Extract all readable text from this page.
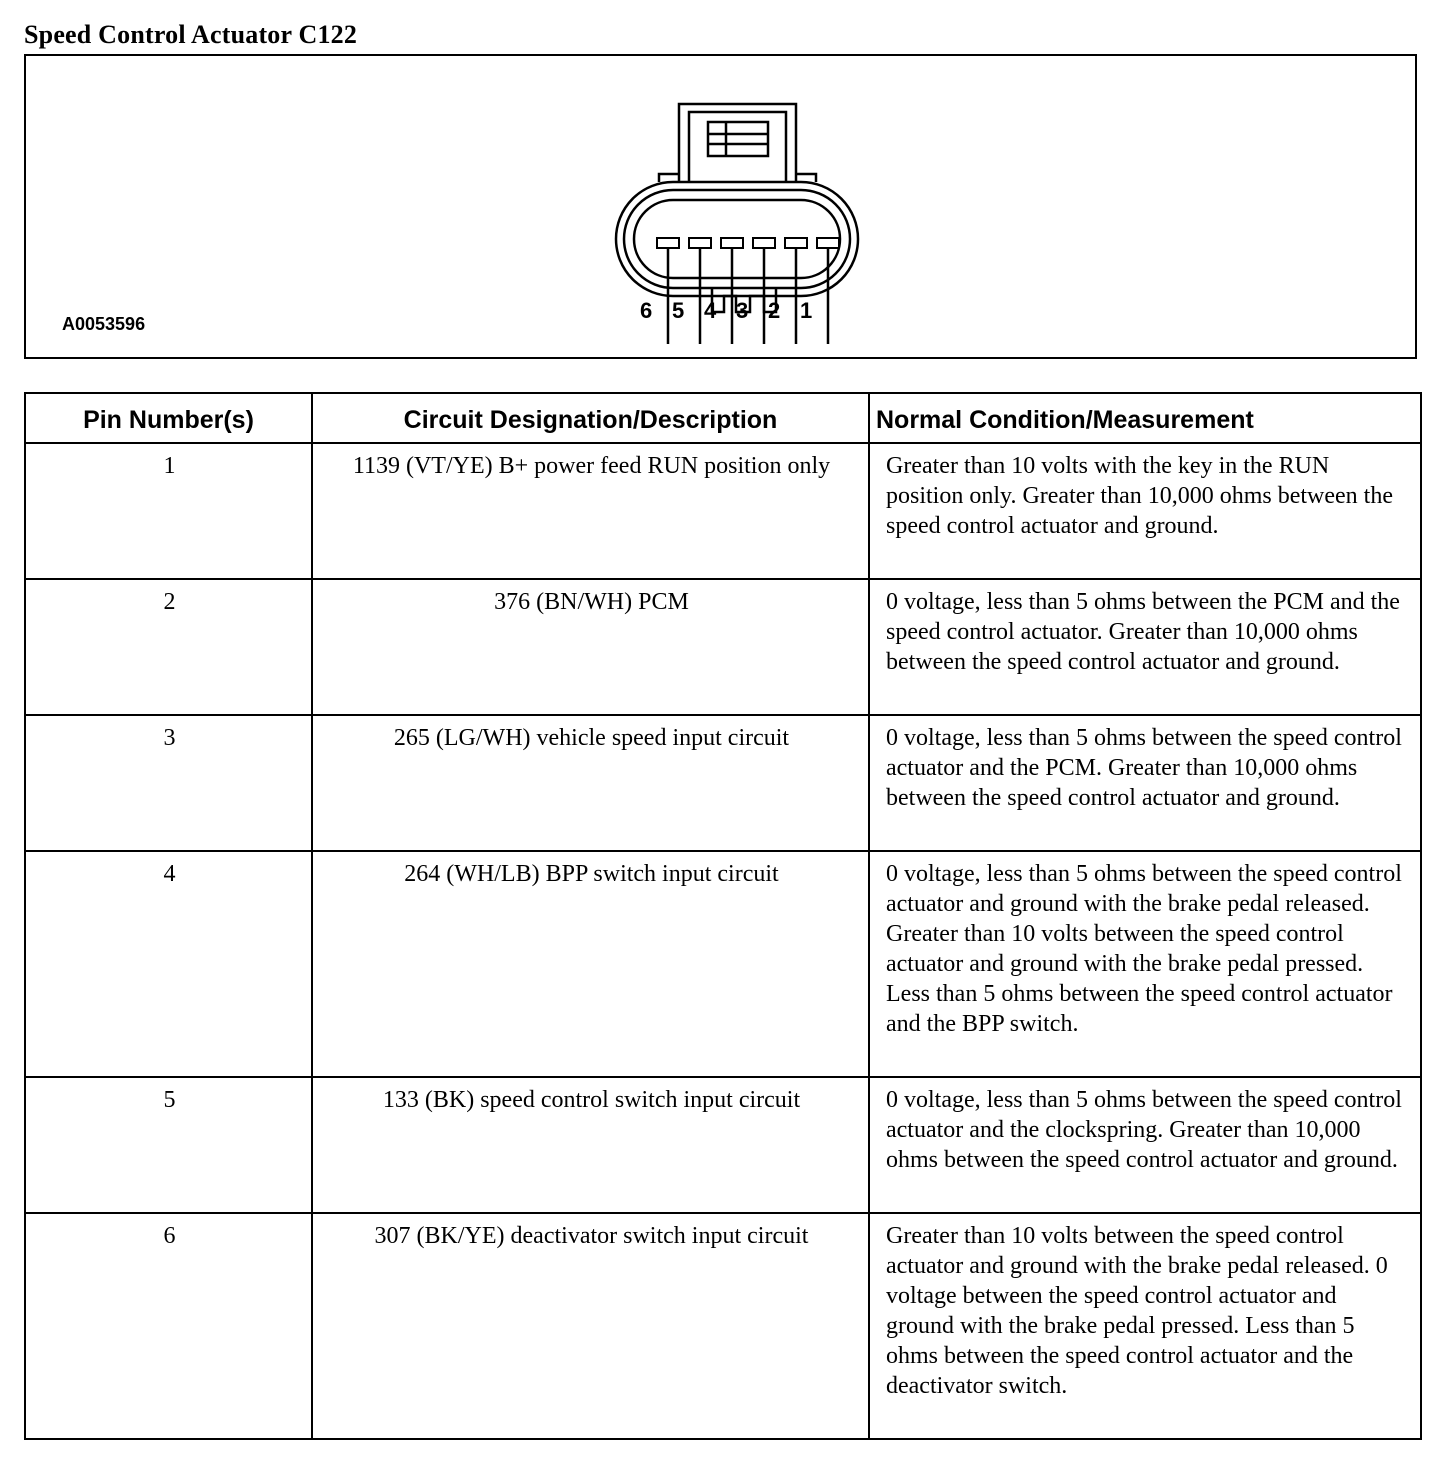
Speed Control Actuator C122
6 5 4 3 2 1
A0053596
Pin Number(s)	Circuit Designation/Description	Normal Condition/Measurement
1	1139 (VT/YE) B+ power feed RUN position only	Greater than 10 volts with the key in the RUN position only. Greater than 10,000 ohms between the speed control actuator and ground.
2	376 (BN/WH) PCM	0 voltage, less than 5 ohms between the PCM and the speed control actuator. Greater than 10,000 ohms between the speed control actuator and ground.
3	265 (LG/WH) vehicle speed input circuit	0 voltage, less than 5 ohms between the speed control actuator and the PCM. Greater than 10,000 ohms between the speed control actuator and ground.
4	264 (WH/LB) BPP switch input circuit	0 voltage, less than 5 ohms between the speed control actuator and ground with the brake pedal released. Greater than 10 volts between the speed control actuator and ground with the brake pedal pressed. Less than 5 ohms between the speed control actuator and the BPP switch.
5	133 (BK) speed control switch input circuit	0 voltage, less than 5 ohms between the speed control actuator and the clockspring. Greater than 10,000 ohms between the speed control actuator and ground.
6	307 (BK/YE) deactivator switch input circuit	Greater than 10 volts between the speed control actuator and ground with the brake pedal released. 0 voltage between the speed control actuator and ground with the brake pedal pressed. Less than 5 ohms between the speed control actuator and the deactivator switch.
